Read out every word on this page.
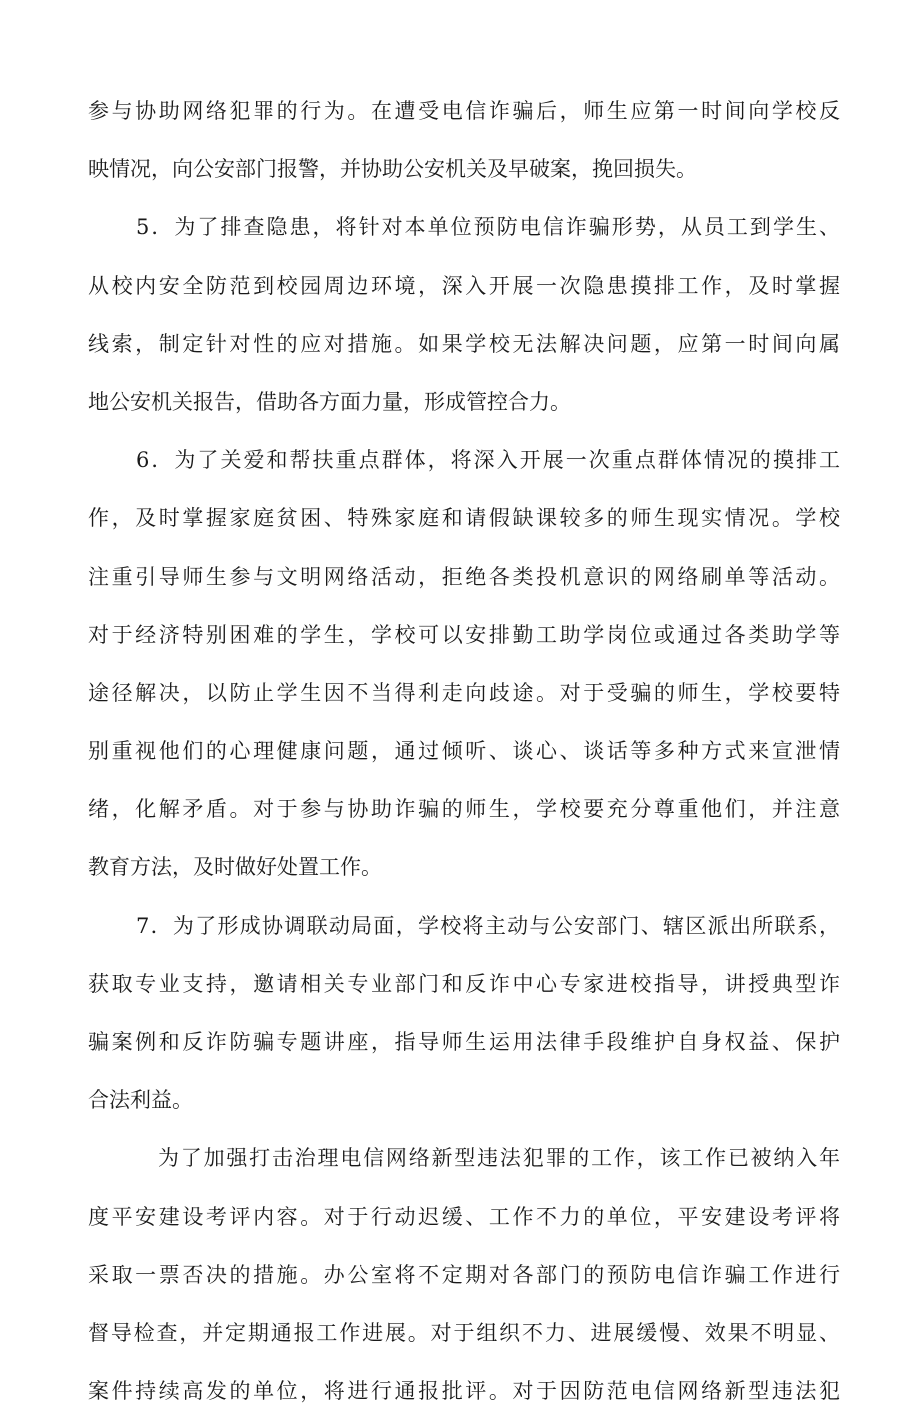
参与协助网络犯罪的行为。在遭受电信诈骗后，师生应第一时间向学校反
映情况，向公安部门报警，并协助公安机关及早破案，挽回损失。
5．为了排查隐患，将针对本单位预防电信诈骗形势，从员工到学生、
从校内安全防范到校园周边环境，深入开展一次隐患摸排工作，及时掌握
线索，制定针对性的应对措施。如果学校无法解决问题，应第一时间向属
地公安机关报告，借助各方面力量，形成管控合力。
6．为了关爱和帮扶重点群体，将深入开展一次重点群体情况的摸排工
作，及时掌握家庭贫困、特殊家庭和请假缺课较多的师生现实情况。学校
注重引导师生参与文明网络活动，拒绝各类投机意识的网络刷单等活动。
对于经济特别困难的学生，学校可以安排勤工助学岗位或通过各类助学等
途径解决，以防止学生因不当得利走向歧途。对于受骗的师生，学校要特
别重视他们的心理健康问题，通过倾听、谈心、谈话等多种方式来宣泄情
绪，化解矛盾。对于参与协助诈骗的师生，学校要充分尊重他们，并注意
教育方法，及时做好处置工作。
7．为了形成协调联动局面，学校将主动与公安部门、辖区派出所联系，
获取专业支持，邀请相关专业部门和反诈中心专家进校指导，讲授典型诈
骗案例和反诈防骗专题讲座，指导师生运用法律手段维护自身权益、保护
合法利益。
为了加强打击治理电信网络新型违法犯罪的工作，该工作已被纳入年
度平安建设考评内容。对于行动迟缓、工作不力的单位，平安建设考评将
采取一票否决的措施。办公室将不定期对各部门的预防电信诈骗工作进行
督导检查，并定期通报工作进展。对于组织不力、进展缓慢、效果不明显、
案件持续高发的单位，将进行通报批评。对于因防范电信网络新型违法犯
